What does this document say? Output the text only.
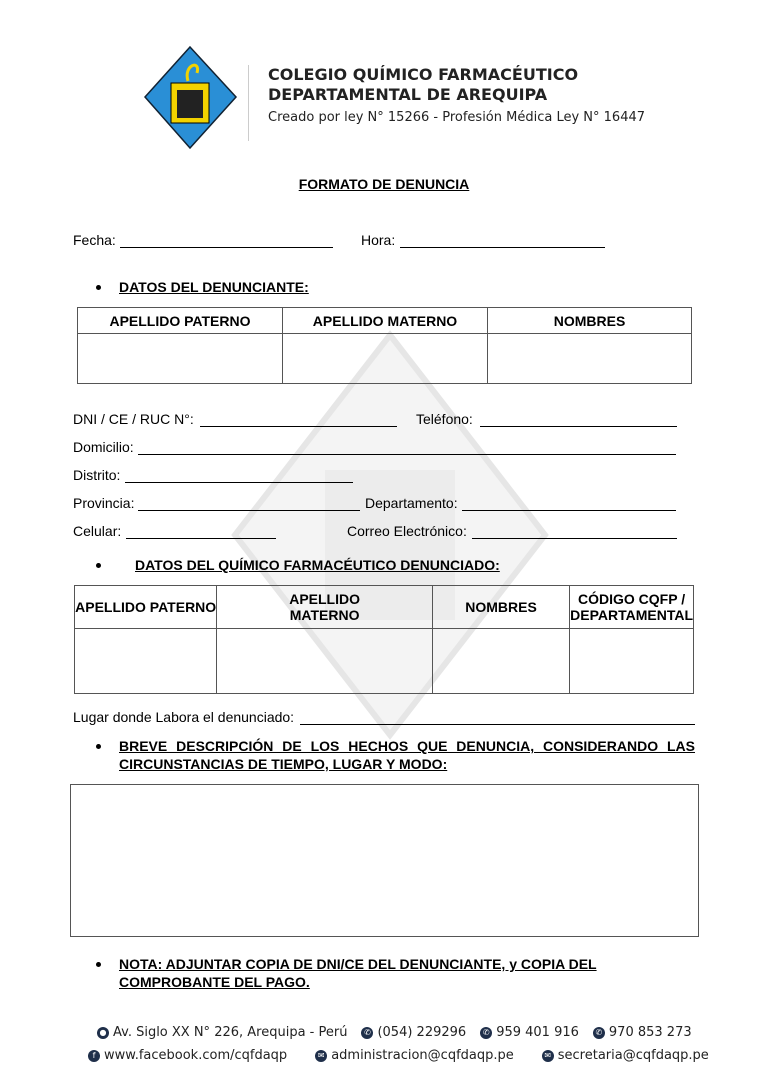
COLEGIO QUÍMICO FARMACÉUTICO
DEPARTAMENTAL DE AREQUIPA
Creado por ley N° 15266 - Profesión Médica Ley N° 16447
FORMATO DE DENUNCIA
Fecha:	Hora:
DATOS DEL DENUNCIANTE:
APELLIDO PATERNO	APELLIDO MATERNO	NOMBRES

DNI / CE / RUC N°:	Teléfono:
Domicilio:
Distrito:
Provincia:	Departamento:
Celular:	Correo Electrónico:
DATOS DEL QUÍMICO FARMACÉUTICO DENUNCIADO:
APELLIDO PATERNO	APELLIDO MATERNO	NOMBRES	CÓDIGO CQFP / DEPARTAMENTAL

Lugar donde Labora el denunciado:
BREVE DESCRIPCIÓN DE LOS HECHOS QUE DENUNCIA, CONSIDERANDO LAS
CIRCUNSTANCIAS DE TIEMPO, LUGAR Y MODO:
NOTA: ADJUNTAR COPIA DE DNI/CE DEL DENUNCIANTE, y COPIA DEL
COMPROBANTE DEL PAGO.
● Av. Siglo XX N° 226, Arequipa - Perú	✆ (054) 229296	✆ 959 401 916	✆ 970 853 273
f www.facebook.com/cqfdaqp	✉ administracion@cqfdaqp.pe	✉ secretaria@cqfdaqp.pe
